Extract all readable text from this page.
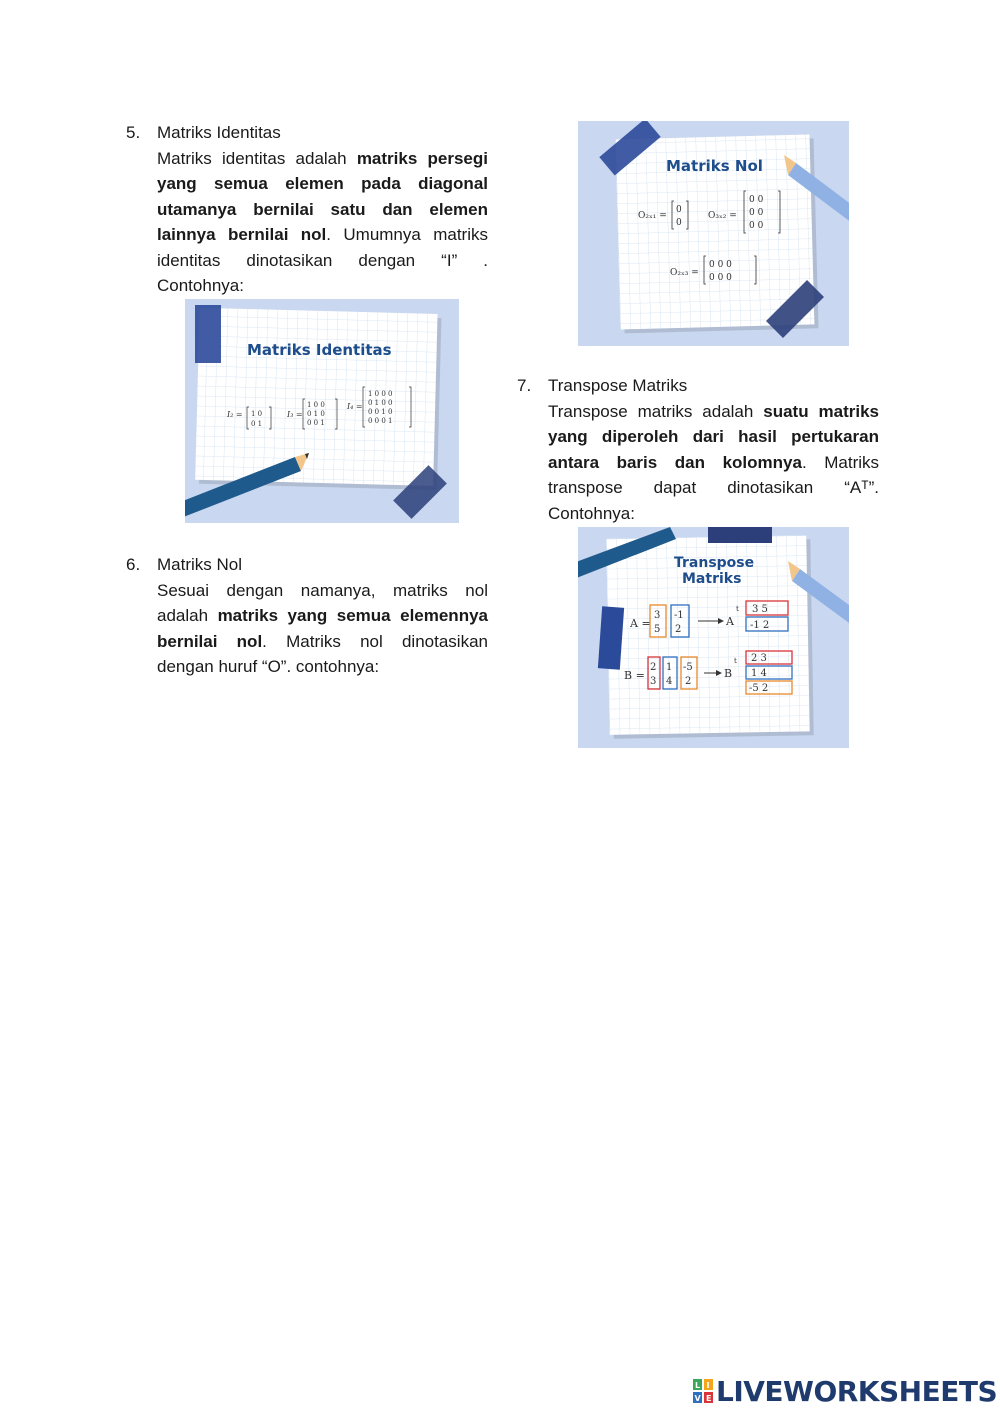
5. Matriks Identitas
Matriks identitas adalah matriks persegi yang semua elemen pada diagonal utamanya bernilai satu dan elemen lainnya bernilai nol. Umumnya matriks identitas dinotasikan dengan “I” . Contohnya:
Matriks Identitas
I₂ = 1 0
0 1
I₃ =
1 0 0
0 1 0
0 0 1
I₄ =
1 0 0 0
0 1 0 0
0 0 1 0
0 0 0 1
6. Matriks Nol
Sesuai dengan namanya, matriks nol adalah matriks yang semua elemennya bernilai nol. Matriks nol dinotasikan dengan huruf “O”. contohnya:
Matriks Nol
O₂ₓ₁ =
0
0
O₃ₓ₂ =
0 0
0 0
0 0
O₂ₓ₃ =
0 0 0
0 0 0
7. Transpose Matriks
Transpose matriks adalah suatu matriks yang diperoleh dari hasil pertukaran antara baris dan kolomnya. Matriks transpose dapat dinotasikan “Aᵀ”. Contohnya:
Transpose
Matriks
A =
3
5
-1
2
A
t 3 5
-1 2
B =
2
3
1
4
-5
2
B
t 2 3
1 4
-5 2
L I
V E LIVEWORKSHEETS
